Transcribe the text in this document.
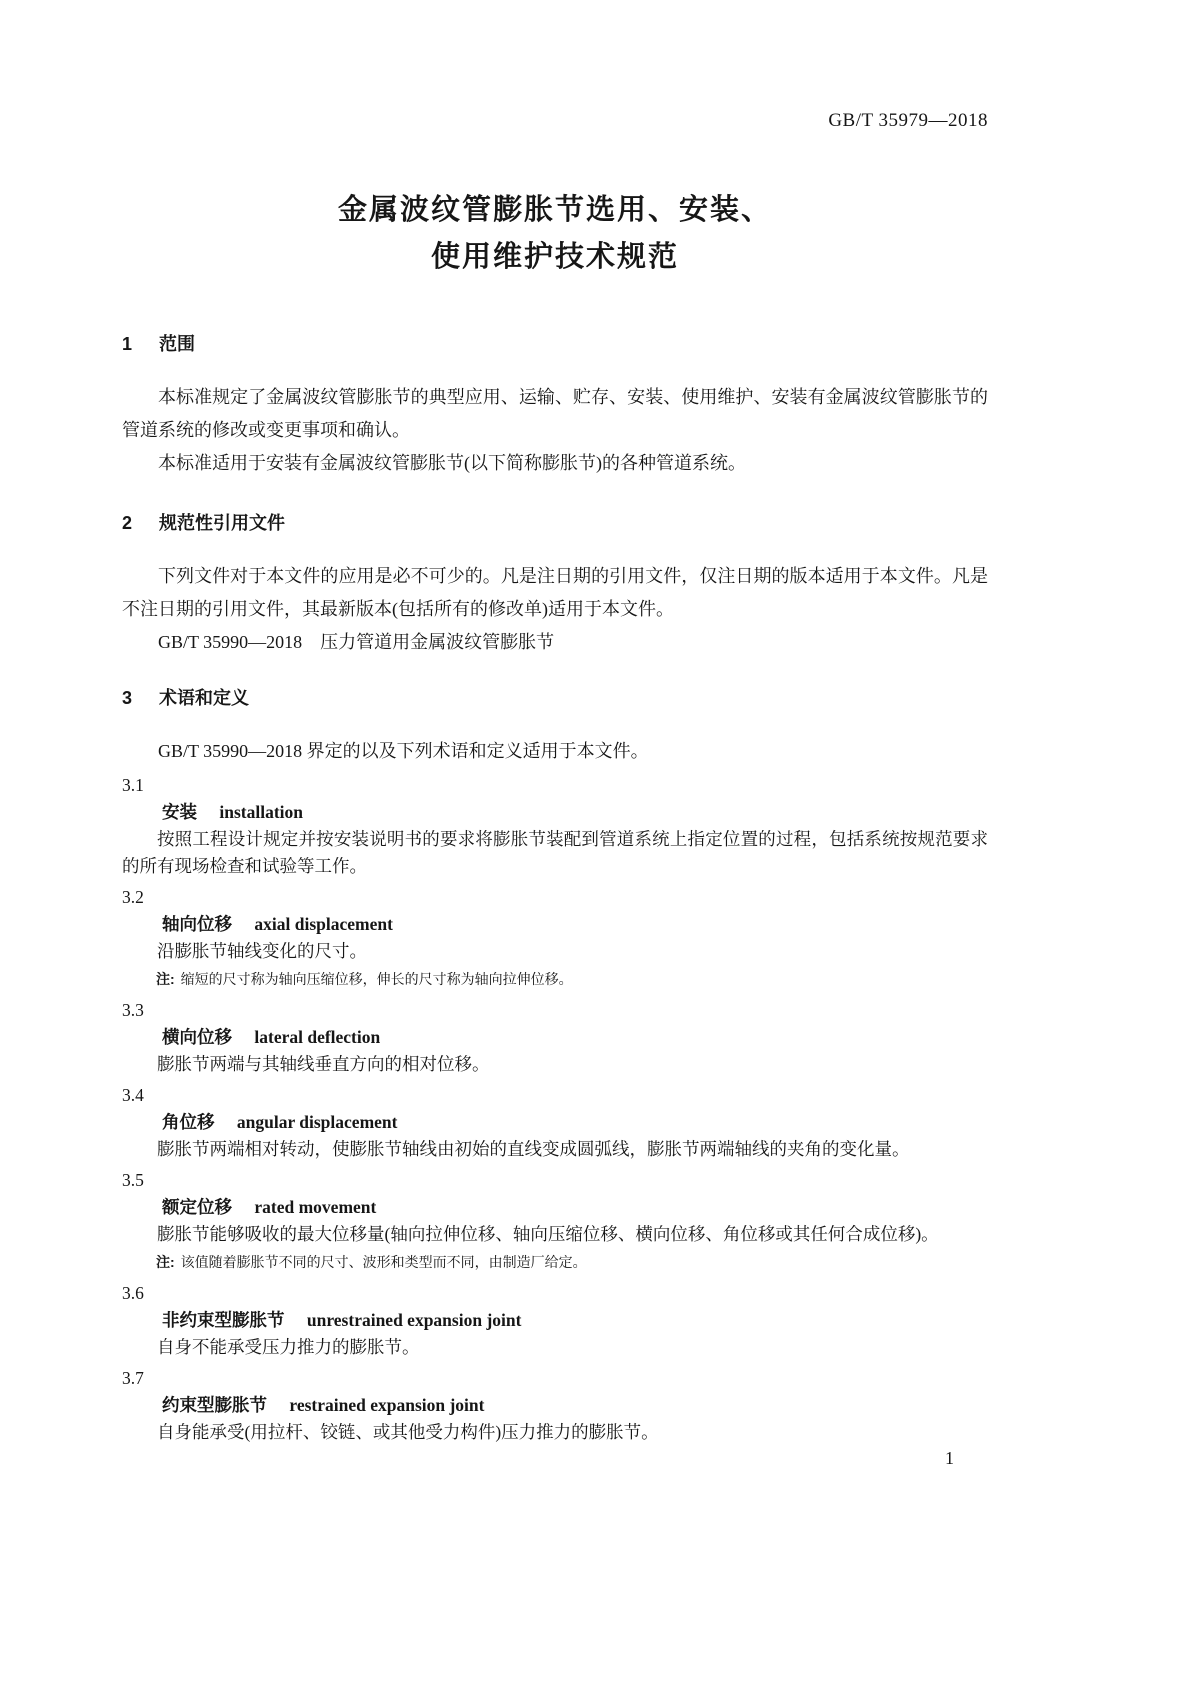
GB/T 35979—2018
金属波纹管膨胀节选用、安装、
使用维护技术规范
1 范围

本标准规定了金属波纹管膨胀节的典型应用、运输、贮存、安装、使用维护、安装有金属波纹管膨胀节的管道系统的修改或变更事项和确认。

本标准适用于安装有金属波纹管膨胀节(以下简称膨胀节)的各种管道系统。

2 规范性引用文件

下列文件对于本文件的应用是必不可少的。凡是注日期的引用文件，仅注日期的版本适用于本文件。凡是不注日期的引用文件，其最新版本(包括所有的修改单)适用于本文件。

GB/T 35990—2018　压力管道用金属波纹管膨胀节

3 术语和定义

GB/T 35990—2018 界定的以及下列术语和定义适用于本文件。

3.1
安装 installation

按照工程设计规定并按安装说明书的要求将膨胀节装配到管道系统上指定位置的过程，包括系统按规范要求的所有现场检查和试验等工作。

3.2
轴向位移 axial displacement

沿膨胀节轴线变化的尺寸。

注: 缩短的尺寸称为轴向压缩位移，伸长的尺寸称为轴向拉伸位移。

3.3
横向位移 lateral deflection

膨胀节两端与其轴线垂直方向的相对位移。

3.4
角位移 angular displacement

膨胀节两端相对转动，使膨胀节轴线由初始的直线变成圆弧线，膨胀节两端轴线的夹角的变化量。

3.5
额定位移 rated movement

膨胀节能够吸收的最大位移量(轴向拉伸位移、轴向压缩位移、横向位移、角位移或其任何合成位移)。

注: 该值随着膨胀节不同的尺寸、波形和类型而不同，由制造厂给定。

3.6
非约束型膨胀节 unrestrained expansion joint

自身不能承受压力推力的膨胀节。

3.7
约束型膨胀节 restrained expansion joint

自身能承受(用拉杆、铰链、或其他受力构件)压力推力的膨胀节。

1
